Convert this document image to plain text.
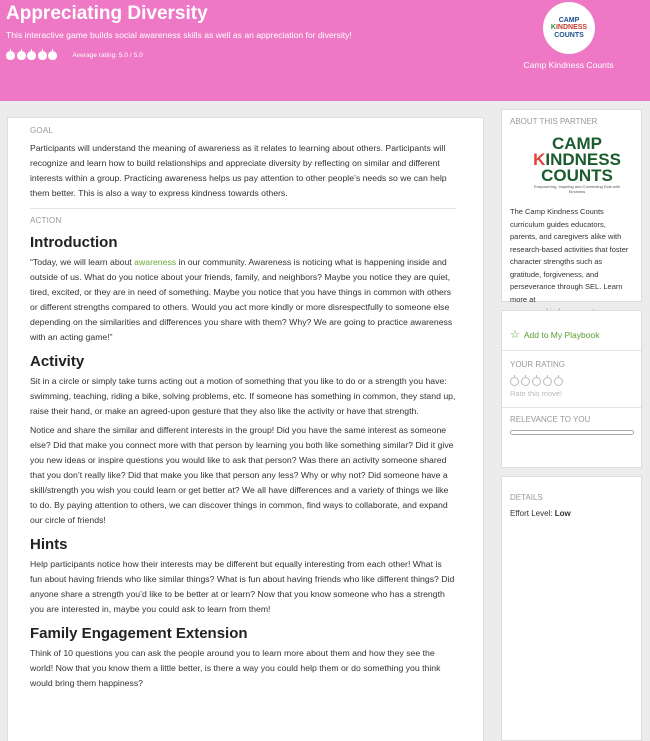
Appreciating Diversity
This interactive game builds social awareness skills as well as an appreciation for diversity!
Average rating: 5.0 / 5.0
CAMP
KINDNESS
COUNTS
Camp Kindness Counts
GOAL

Participants will understand the meaning of awareness as it relates to learning about others. Participants will recognize and learn how to build relationships and appreciate diversity by reflecting on similar and different interests within a group. Practicing awareness helps us pay attention to other people’s needs so we can help them better. This is also a way to express kindness towards others.

ACTION
Introduction

“Today, we will learn about awareness in our community. Awareness is noticing what is happening inside and outside of us. What do you notice about your friends, family, and neighbors? Maybe you notice they are quiet, tired, excited, or they are in need of something. Maybe you notice that you have things in common with others or different strengths compared to others. Would you act more kindly or more disrespectfully to someone else depending on the similarities and differences you share with them? Why? We are going to practice awareness with an acting game!”

Activity

Sit in a circle or simply take turns acting out a motion of something that you like to do or a strength you have: swimming, teaching, riding a bike, solving problems, etc. If someone has something in common, they stand up, raise their hand, or make an agreed-upon gesture that they also like the activity or have that strength.

Notice and share the similar and different interests in the group! Did you have the same interest as someone else? Did that make you connect more with that person by learning you both like something similar? Did it give you new ideas or inspire questions you would like to ask that person? Was there an activity someone shared that you don’t really like? Did that make you like that person any less? Why or why not? Did someone have a skill/strength you wish you could learn or get better at? We all have differences and a variety of things we like to do. By paying attention to others, we can discover things in common, find ways to collaborate, and expand our circle of friends!

Hints

Help participants notice how their interests may be different but equally interesting from each other! What is fun about having friends who like similar things? What is fun about having friends who like different things? Did anyone share a strength you’d like to be better at or learn? Now that you know someone who has a strength you are interested in, maybe you could ask to learn from them!

Family Engagement Extension

Think of 10 questions you can ask the people around you to learn more about them and how they see the world! Now that you know them a little better, is there a way you could help them or do something you think would bring them happiness?

ABOUT THIS PARTNER
CAMP
KINDNESS
COUNTS
Empowering, Inspiring and Connecting Kids with Kindness

The Camp Kindness Counts curriculum guides educators, parents, and caregivers alike with research-based activities that foster character strengths such as gratitude, forgiveness, and perseverance through SEL. Learn more at

☆ Add to My Playbook
YOUR RATING
Rate this move!
RELEVANCE TO YOU
DETAILS
Effort Level: Low
